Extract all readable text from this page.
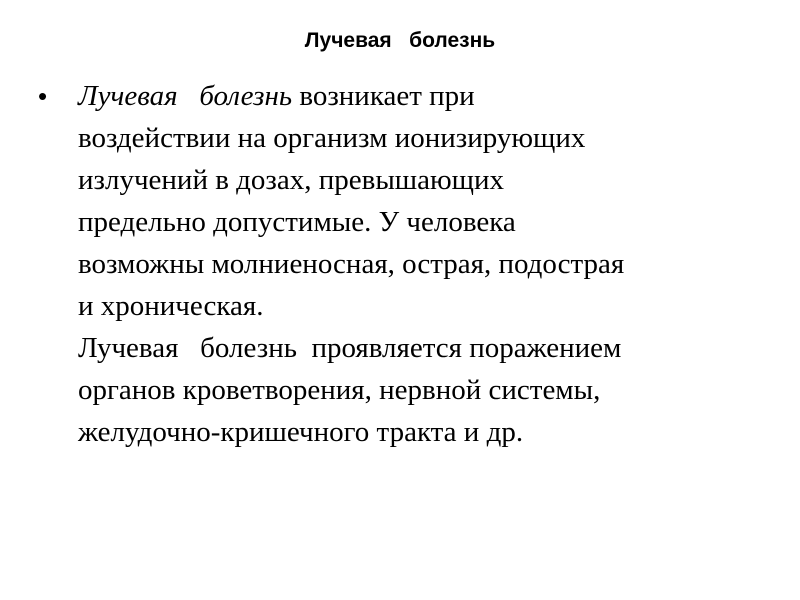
Лучевая   болезнь
•	Лучевая   болезнь возникает при
воздействии на организм ионизирующих
излучений в дозах, превышающих
предельно допустимые. У человека
возможны молниеносная, острая, подострая
и хроническая.
Лучевая   болезнь  проявляется поражением
органов кроветворения, нервной системы,
желудочно-кришечного тракта и др.
